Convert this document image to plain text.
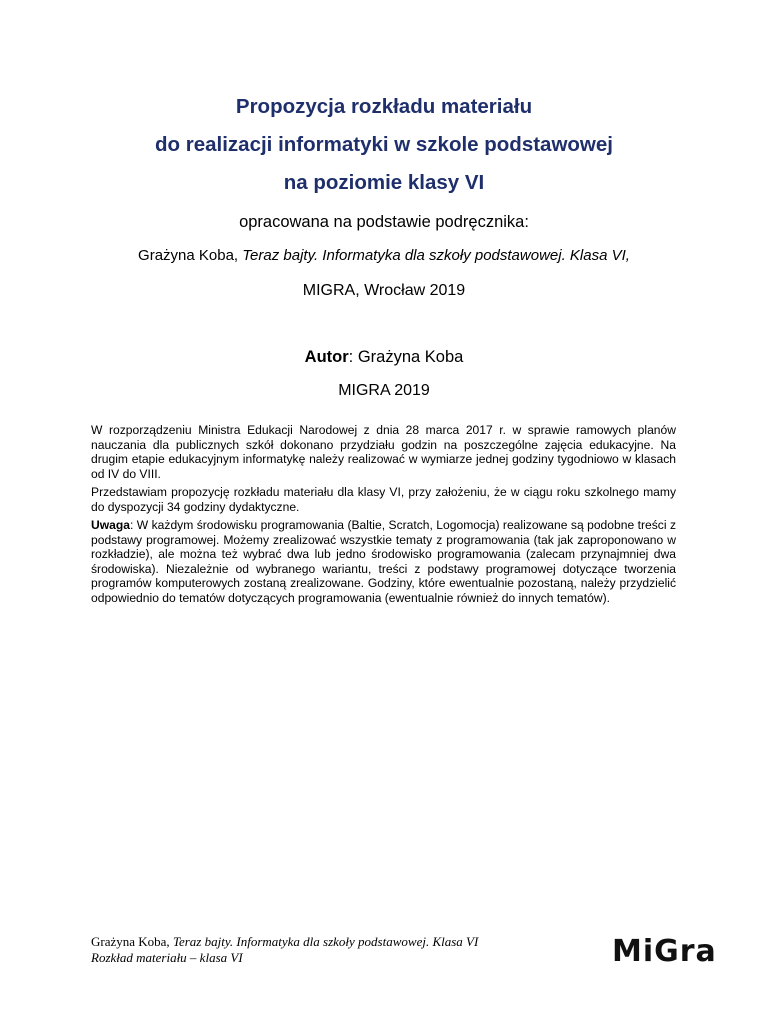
Propozycja rozkładu materiału
do realizacji informatyki w szkole podstawowej
na poziomie klasy VI
opracowana na podstawie podręcznika:
Grażyna Koba, Teraz bajty. Informatyka dla szkoły podstawowej. Klasa VI,
MIGRA, Wrocław 2019
Autor: Grażyna Koba
MIGRA 2019

W rozporządzeniu Ministra Edukacji Narodowej z dnia 28 marca 2017 r. w sprawie ramowych planów nauczania dla publicznych szkół dokonano przydziału godzin na poszczególne zajęcia edukacyjne. Na drugim etapie edukacyjnym informatykę należy realizować w wymiarze jednej godziny tygodniowo w klasach od IV do VIII.

Przedstawiam propozycję rozkładu materiału dla klasy VI, przy założeniu, że w ciągu roku szkolnego mamy do dyspozycji 34 godziny dydaktyczne.

Uwaga: W każdym środowisku programowania (Baltie, Scratch, Logomocja) realizowane są podobne treści z podstawy programowej. Możemy zrealizować wszystkie tematy z programowania (tak jak zaproponowano w rozkładzie), ale można też wybrać dwa lub jedno środowisko programowania (zalecam przynajmniej dwa środowiska). Niezależnie od wybranego wariantu, treści z podstawy programowej dotyczące tworzenia programów komputerowych zostaną zrealizowane. Godziny, które ewentualnie pozostaną, należy przydzielić odpowiednio do tematów dotyczących programowania (ewentualnie również do innych tematów).

Grażyna Koba, Teraz bajty. Informatyka dla szkoły podstawowej. Klasa VI
Rozkład materiału – klasa VI	MiGra
